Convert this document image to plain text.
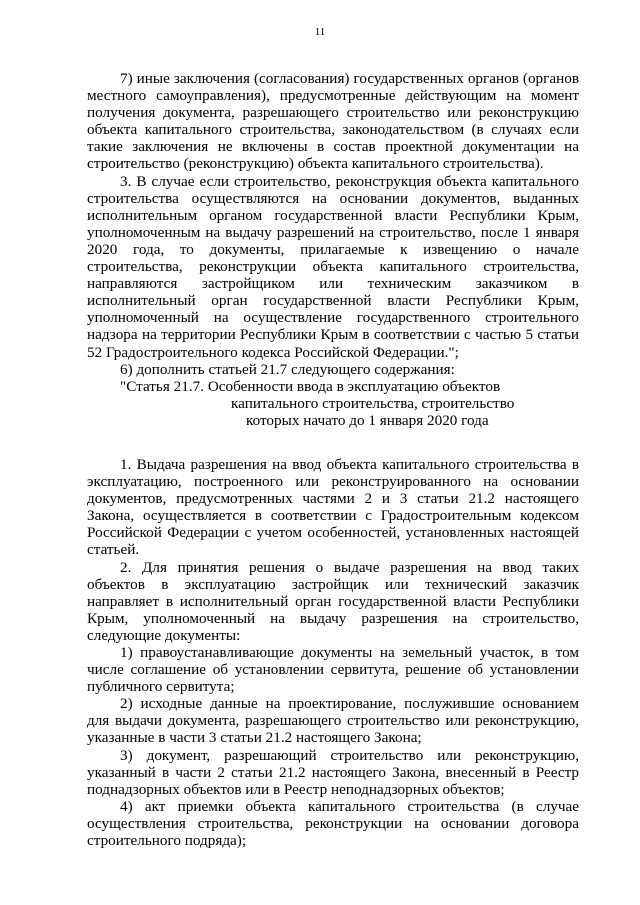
11

7) иные заключения (согласования) государственных органов (органов местного самоуправления), предусмотренные действующим на момент получения документа, разрешающего строительство или реконструкцию объекта капитального строительства, законодательством (в случаях если такие заключения не включены в состав проектной документации на строительство (реконструкцию) объекта капитального строительства).

3. В случае если строительство, реконструкция объекта капитального строительства осуществляются на основании документов, выданных исполнительным органом государственной власти Республики Крым, уполномоченным на выдачу разрешений на строительство, после 1 января 2020 года, то документы, прилагаемые к извещению о начале строительства, реконструкции объекта капитального строительства, направляются застройщиком или техническим заказчиком в исполнительный орган государственной власти Республики Крым, уполномоченный на осуществление государственного строительного надзора на территории Республики Крым в соответствии с частью 5 статьи 52 Градостроительного кодекса Российской Федерации.";

6) дополнить статьей 21.7 следующего содержания:

"Статья 21.7. Особенности ввода в эксплуатацию объектов

капитального строительства, строительство

которых начато до 1 января 2020 года

1. Выдача разрешения на ввод объекта капитального строительства в эксплуатацию, построенного или реконструированного на основании документов, предусмотренных частями 2 и 3 статьи 21.2 настоящего Закона, осуществляется в соответствии с Градостроительным кодексом Российской Федерации с учетом особенностей, установленных настоящей статьей.

2. Для принятия решения о выдаче разрешения на ввод таких объектов в эксплуатацию застройщик или технический заказчик направляет в исполнительный орган государственной власти Республики Крым, уполномоченный на выдачу разрешения на строительство, следующие документы:

1) правоустанавливающие документы на земельный участок, в том числе соглашение об установлении сервитута, решение об установлении публичного сервитута;

2) исходные данные на проектирование, послужившие основанием для выдачи документа, разрешающего строительство или реконструкцию, указанные в части 3 статьи 21.2 настоящего Закона;

3) документ, разрешающий строительство или реконструкцию, указанный в части 2 статьи 21.2 настоящего Закона, внесенный в Реестр поднадзорных объектов или в Реестр неподнадзорных объектов;

4) акт приемки объекта капитального строительства (в случае осуществления строительства, реконструкции на основании договора строительного подряда);
